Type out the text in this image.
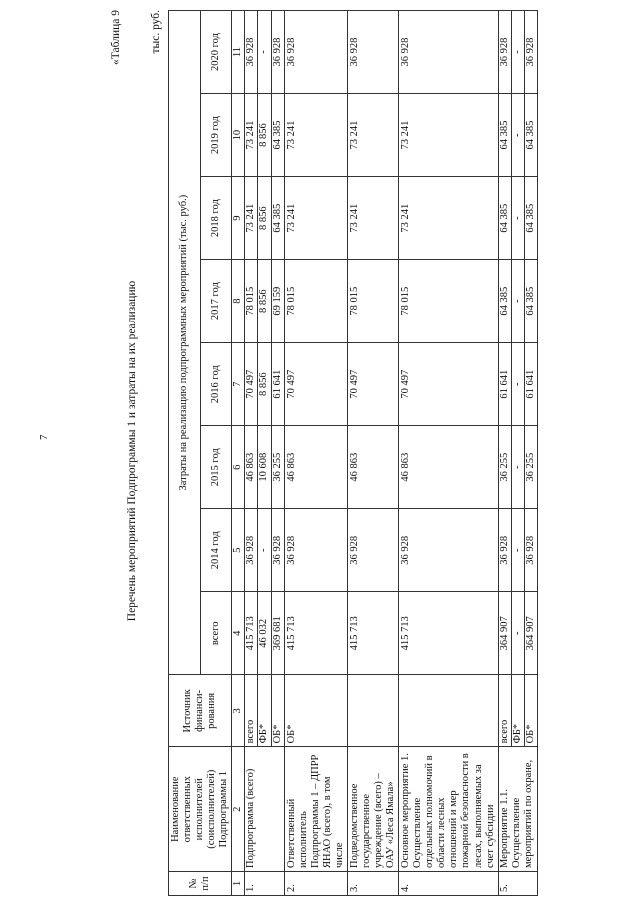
7
«Таблица 9
Перечень мероприятий Подпрограммы 1 и затраты на их реализацию
тыс. руб.
№ п/п	Наименование ответственных исполнителей (соисполнителей) Подпрограммы 1	Источник финанси-рования	Затраты на реализацию подпрограммных мероприятий (тыс. руб.)							
			всего	2014 год	2015 год	2016 год	2017 год	2018 год	2019 год	2020 год
1	2	3	4	5	6	7	8	9	10	11
1.	Подпрограмма (всего)	всего	415 713	36 928	46 863	70 497	78 015	73 241	73 241	36 928
		ФБ*	46 032	-	10 608	8 856	8 856	8 856	8 856	-
		ОБ*	369 681	36 928	36 255	61 641	69 159	64 385	64 385	36 928
2.	Ответственный исполнитель Подпрограммы 1 – ДПРР ЯНАО (всего), в том числе	ОБ*	415 713	36 928	46 863	70 497	78 015	73 241	73 241	36 928
3.	Подведомственное государственное учреждение (всего) – ОАУ «Леса Ямала»		415 713	36 928	46 863	70 497	78 015	73 241	73 241	36 928
4.	Основное мероприятие 1. Осуществление отдельных полномочий в области лесных отношений и мер пожарной безопасности в лесах, выполняемых за счет субсидии		415 713	36 928	46 863	70 497	78 015	73 241	73 241	36 928
5.	Мероприятие 1.1. Осуществление мероприятий по охране,	всего	364 907	36 928	36 255	61 641	64 385	64 385	64 385	36 928
		ФБ*	-	-	-	-	-	-	-	-
		ОБ*	364 907	36 928	36 255	61 641	64 385	64 385	64 385	36 928
